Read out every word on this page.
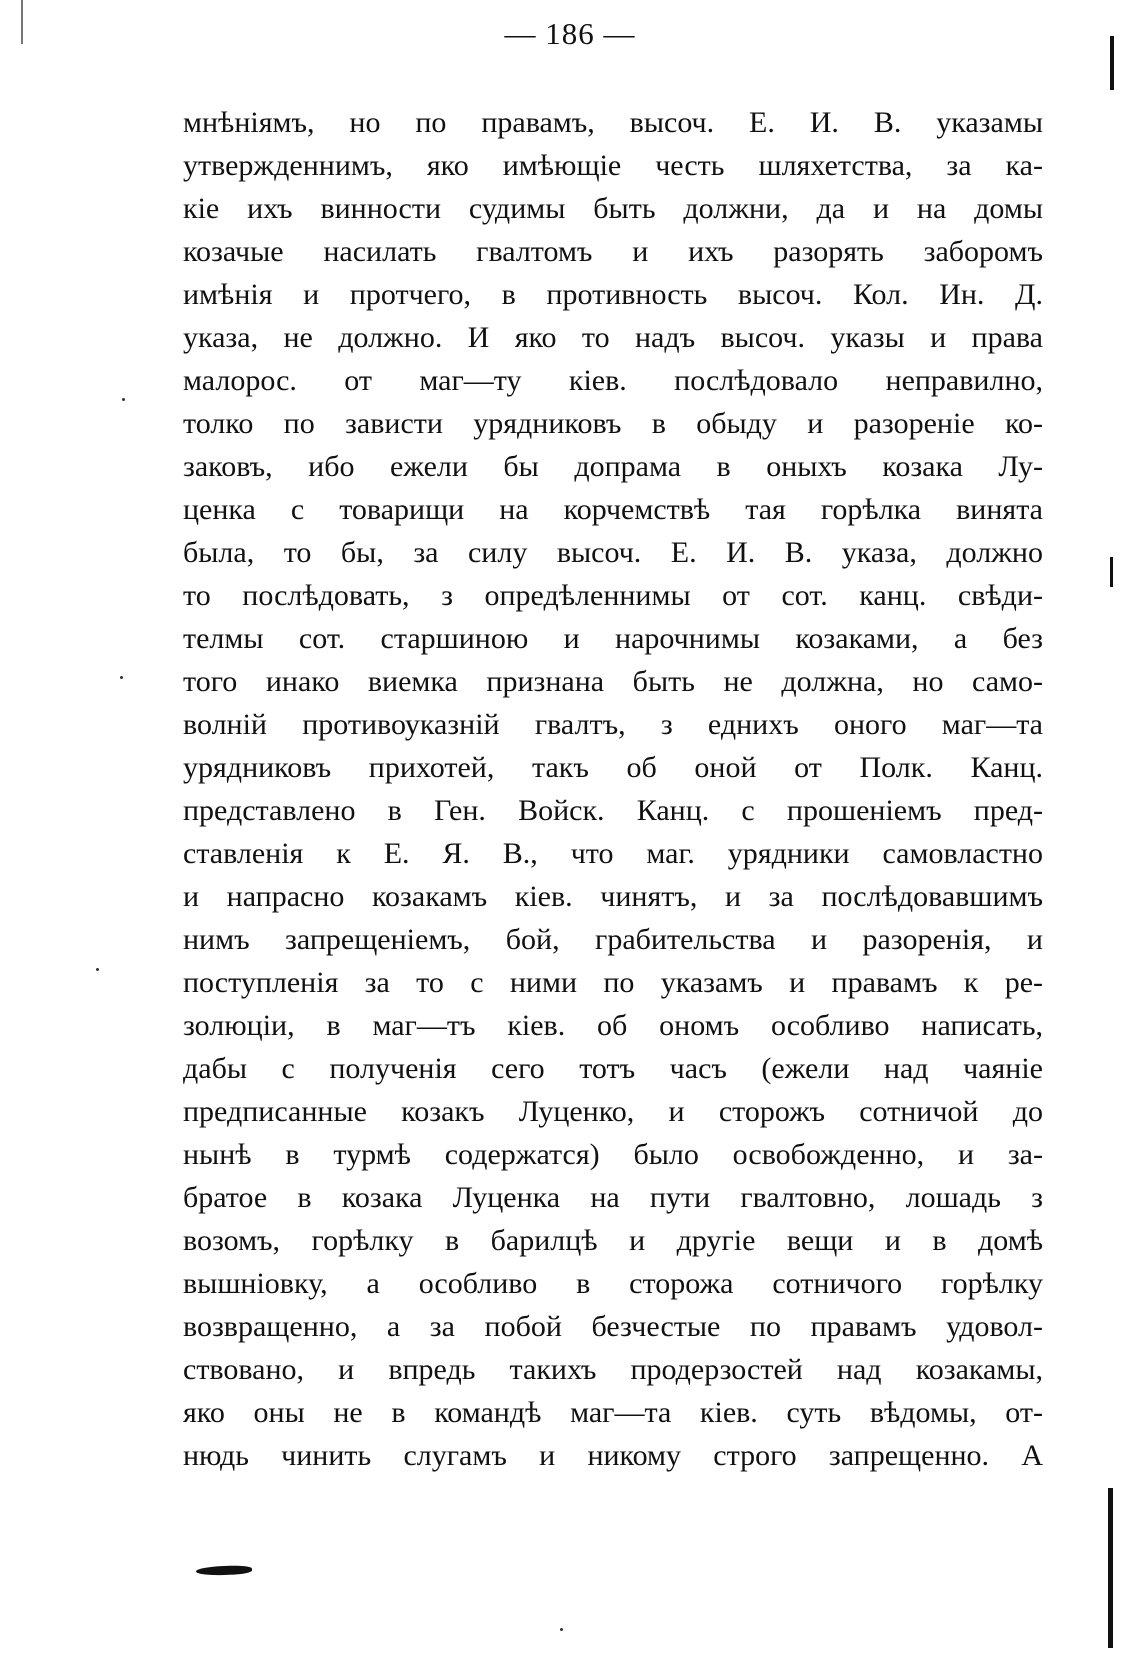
— 186 —
мнѣніямъ, но по правамъ, высоч. Е. И. В. указамы
утвержденнимъ, яко имѣющіе честь шляхетства, за ка-
кіе ихъ винности судимы быть должни, да и на домы
козачые насилать гвалтомъ и ихъ разорять заборомъ
имѣнія и протчего, в противность высоч. Кол. Ин. Д.
указа, не должно. И яко то надъ высоч. указы и права
малорос. от маг—ту кіев. послѣдовало неправилно,
толко по зависти урядниковъ в обыду и разореніе ко-
заковъ, ибо ежели бы допрама в оныхъ козака Лу-
ценка с товарищи на корчемствѣ тая горѣлка винята
была, то бы, за силу высоч. Е. И. В. указа, должно
то послѣдовать, з опредѣленнимы от сот. канц. свѣди-
телмы сот. старшиною и нарочнимы козаками, а без
того инако виемка признана быть не должна, но само-
волній противоуказній гвалтъ, з едниxъ оного маг—та
урядниковъ прихотей, такъ об оной от Полк. Канц.
представлено в Ген. Войск. Канц. с прошеніемъ пред-
ставленія к Е. Я. В., что маг. урядники самовластно
и напрасно козакамъ кіев. чинятъ, и за послѣдовавшимъ
нимъ запрещеніемъ, бой, грабительства и разоренія, и
поступленія за то с ними по указамъ и правамъ к ре-
золюціи, в маг—тъ кіев. об ономъ особливо написать,
дабы с полученія сего тотъ часъ (ежели над чаяніе
предписанные козакъ Луценко, и сторожъ сотничой до
нынѣ в турмѣ содержатся) было освобожденно, и за-
братое в козака Луценка на пути гвалтовно, лошадь з
возомъ, горѣлку в барилцѣ и другіе вещи и в домѣ
вышніовку, а особливо в сторожа сотничого горѣлку
возвращенно, а за побой безчестые по правамъ удовол-
ствовано, и впредь такихъ продерзостей над козакамы,
яко оны не в командѣ маг—та кіев. суть вѣдомы, от-
нюдь чинить слугамъ и никому строго запрещенно. А
